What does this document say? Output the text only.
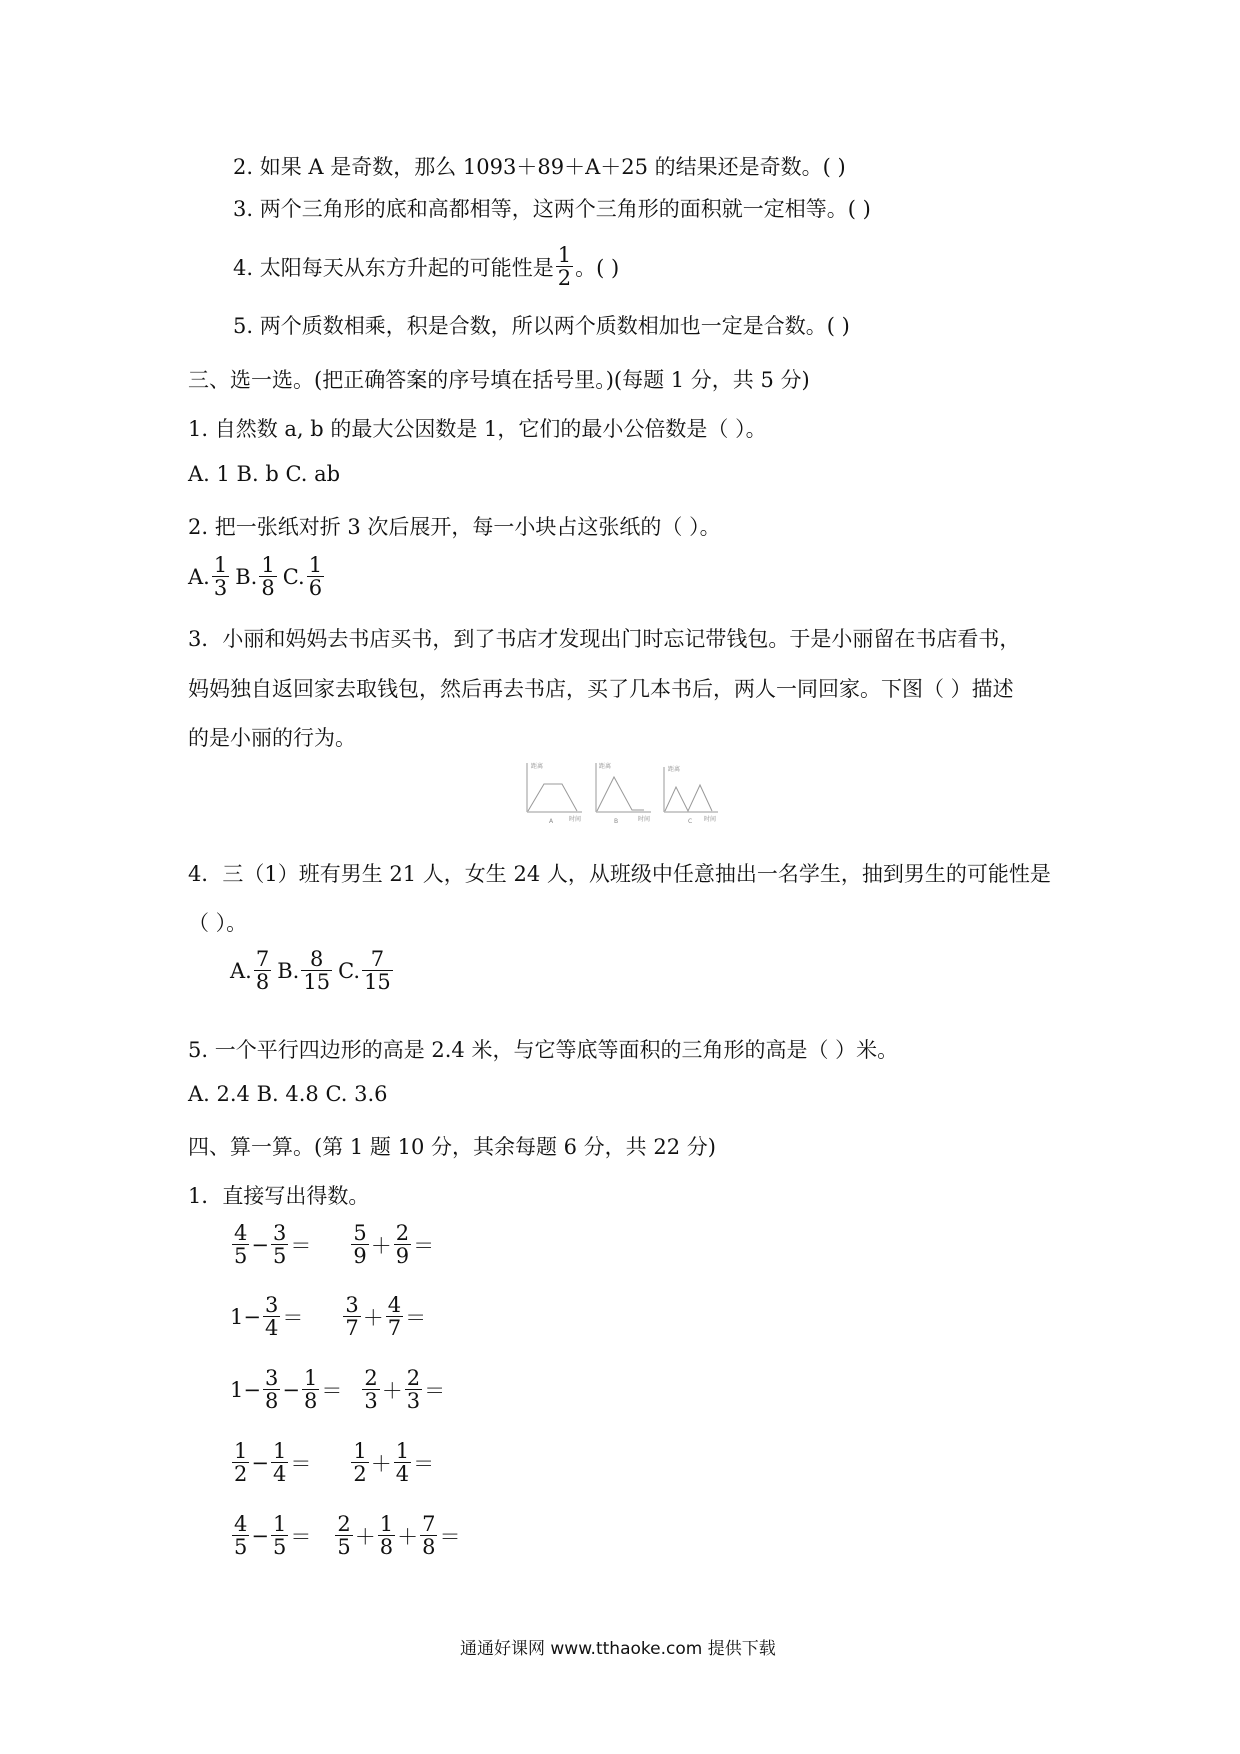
2. 如果 A 是奇数，那么 1093＋89＋A＋25 的结果还是奇数。( )
3. 两个三角形的底和高都相等，这两个三角形的面积就一定相等。( )
4. 太阳每天从东方升起的可能性是 $\frac{1}{2}$ 。( )
5. 两个质数相乘，积是合数，所以两个质数相加也一定是合数。( )
三、选一选。(把正确答案的序号填在括号里。)(每题 1 分，共 5 分)
1. 自然数 a, b 的最大公因数是 1，它们的最小公倍数是（ ）。
A. 1 B. b C. ab
2. 把一张纸对折 3 次后展开，每一小块占这张纸的（ ）。
A. $\frac{1}{3} B$. $\frac{1}{8} C$. $\frac{1}{6}$
3．小丽和妈妈去书店买书，到了书店才发现出门时忘记带钱包。于是小丽留在书店看书，
妈妈独自返回家去取钱包，然后再去书店，买了几本书后，两人一同回家。下图（ ）描述
的是小丽的行为。
距离
时间
A
距离
时间
B
距离
时间
C
4．三（1）班有男生 21 人，女生 24 人，从班级中任意抽出一名学生，抽到男生的可能性是
（ ）。
A. $\frac{7}{8} B$. $\frac{8}{15} C$. $\frac{7}{15}$
5. 一个平行四边形的高是 2.4 米，与它等底等面积的三角形的高是（ ）米。
A. 2.4 B. 4.8 C. 3.6
四、算一算。(第 1 题 10 分，其余每题 6 分，共 22 分)
1．直接写出得数。
$\frac{4}{5} - \frac{3}{5} = \frac{5}{9} + \frac{2}{9}$ ＝
$1- \frac{3}{4} = \frac{3}{7} + \frac{4}{7}$ ＝
$1- \frac{3}{8} - \frac{1}{8} = \frac{2}{3} + \frac{2}{3}$ ＝
$\frac{1}{2} - \frac{1}{4} = \frac{1}{2} + \frac{1}{4}$ ＝
$\frac{4}{5} - \frac{1}{5} = \frac{2}{5} + \frac{1}{8} + \frac{7}{8}$ ＝
通通好课网 www.tthaoke.com 提供下载
